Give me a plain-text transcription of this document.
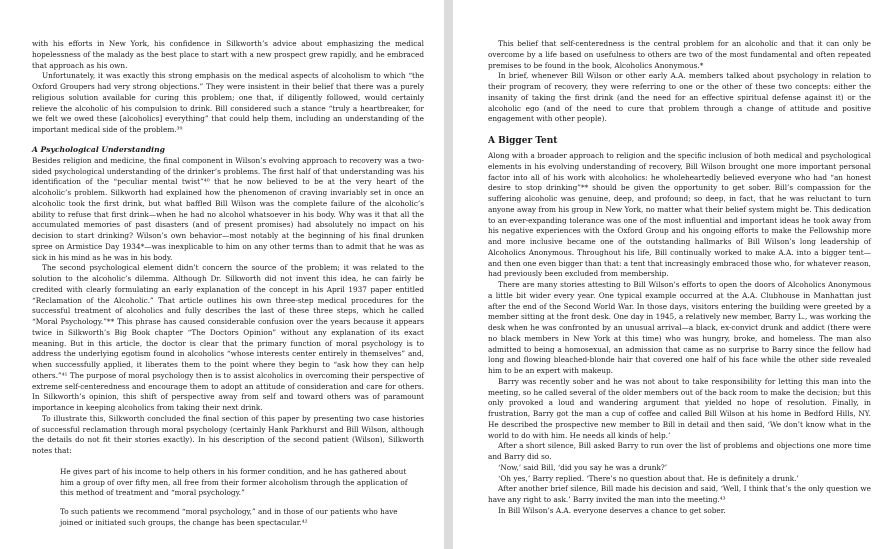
with his efforts in New York, his confidence in Silkworth’s advice about emphasizing the medical hopelessness of the malady as the best place to start with a new prospect grew rapidly, and he embraced that approach as his own.

Unfortunately, it was exactly this strong emphasis on the medical aspects of alcoholism to which “the Oxford Groupers had very strong objections.” They were insistent in their belief that there was a purely religious solution available for curing this problem; one that, if diligently followed, would certainly relieve the alcoholic of his compulsion to drink. Bill considered such a stance “truly a heartbreaker, for we felt we owed these [alcoholics] everything” that could help them, including an understanding of the important medical side of the problem.³⁹

A Psychological Understanding

Besides religion and medicine, the final component in Wilson’s evolving approach to recovery was a two-sided psychological understanding of the drinker’s problems. The first half of that understanding was his identification of the “peculiar mental twist”⁴⁰ that he now believed to be at the very heart of the alcoholic’s problem. Silkworth had explained how the phenomenon of craving invariably set in once an alcoholic took the first drink, but what baffled Bill Wilson was the complete failure of the alcoholic’s ability to refuse that first drink—when he had no alcohol whatsoever in his body. Why was it that all the accumulated memories of past disasters (and of present promises) had absolutely no impact on his decision to start drinking? Wilson’s own behavior—most notably at the beginning of his final drunken spree on Armistice Day 1934*—was inexplicable to him on any other terms than to admit that he was as sick in his mind as he was in his body.

The second psychological element didn’t concern the source of the problem; it was related to the solution to the alcoholic’s dilemma. Although Dr. Silkworth did not invent this idea, he can fairly be credited with clearly formulating an early explanation of the concept in his April 1937 paper entitled “Reclamation of the Alcoholic.” That article outlines his own three-step medical procedures for the successful treatment of alcoholics and fully describes the last of these three steps, which he called “Moral Psychology.”** This phrase has caused considerable confusion over the years because it appears twice in Silkworth’s Big Book chapter “The Doctors Opinion” without any explanation of its exact meaning. But in this article, the doctor is clear that the primary function of moral psychology is to address the underlying egotism found in alcoholics “whose interests center entirely in themselves” and, when successfully applied, it liberates them to the point where they begin to “ask how they can help others.”⁴¹ The purpose of moral psychology then is to assist alcoholics in overcoming their perspective of extreme self-centeredness and encourage them to adopt an attitude of consideration and care for others. In Silkworth’s opinion, this shift of perspective away from self and toward others was of paramount importance in keeping alcoholics from taking their next drink.

To illustrate this, Silkworth concluded the final section of this paper by presenting two case histories of successful reclamation through moral psychology (certainly Hank Parkhurst and Bill Wilson, although the details do not fit their stories exactly). In his description of the second patient (Wilson), Silkworth notes that:

He gives part of his income to help others in his former condition, and he has gathered about him a group of over fifty men, all free from their former alcoholism through the application of this method of treatment and “moral psychology.”

To such patients we recommend “moral psychology,” and in those of our patients who have joined or initiated such groups, the change has been spectacular.⁴²

This belief that self-centeredness is the central problem for an alcoholic and that it can only be overcome by a life based on usefulness to others are two of the most fundamental and often repeated premises to be found in the book, Alcoholics Anonymous.*

In brief, whenever Bill Wilson or other early A.A. members talked about psychology in relation to their program of recovery, they were referring to one or the other of these two concepts: either the insanity of taking the first drink (and the need for an effective spiritual defense against it) or the alcoholic ego (and of the need to cure that problem through a change of attitude and positive engagement with other people).

A Bigger Tent

Along with a broader approach to religion and the specific inclusion of both medical and psychological elements in his evolving understanding of recovery, Bill Wilson brought one more important personal factor into all of his work with alcoholics: he wholeheartedly believed everyone who had “an honest desire to stop drinking”** should be given the opportunity to get sober. Bill’s compassion for the suffering alcoholic was genuine, deep, and profound; so deep, in fact, that he was reluctant to turn anyone away from his group in New York, no matter what their belief system might be. This dedication to an ever-expanding tolerance was one of the most influential and important ideas he took away from his negative experiences with the Oxford Group and his ongoing efforts to make the Fellowship more and more inclusive became one of the outstanding hallmarks of Bill Wilson’s long leadership of Alcoholics Anonymous. Throughout his life, Bill continually worked to make A.A. into a bigger tent—and then one even bigger than that: a tent that increasingly embraced those who, for whatever reason, had previously been excluded from membership.

There are many stories attesting to Bill Wilson’s efforts to open the doors of Alcoholics Anonymous a little bit wider every year. One typical example occurred at the A.A. Clubhouse in Manhattan just after the end of the Second World War. In those days, visitors entering the building were greeted by a member sitting at the front desk. One day in 1945, a relatively new member, Barry L., was working the desk when he was confronted by an unusual arrival—a black, ex-convict drunk and addict (there were no black members in New York at this time) who was hungry, broke, and homeless. The man also admitted to being a homosexual, an admission that came as no surprise to Barry since the fellow had long and flowing bleached-blonde hair that covered one half of his face while the other side revealed him to be an expert with makeup.

Barry was recently sober and he was not about to take responsibility for letting this man into the meeting, so he called several of the older members out of the back room to make the decision; but this only provoked a loud and wandering argument that yielded no hope of resolution. Finally, in frustration, Barry got the man a cup of coffee and called Bill Wilson at his home in Bedford Hills, NY. He described the prospective new member to Bill in detail and then said, ‘We don’t know what in the world to do with him. He needs all kinds of help.’

After a short silence, Bill asked Barry to run over the list of problems and objections one more time and Barry did so.

‘Now,’ said Bill, ‘did you say he was a drunk?’

‘Oh yes,’ Barry replied. ‘There’s no question about that. He is definitely a drunk.’

After another brief silence, Bill made his decision and said, ‘Well, I think that’s the only question we have any right to ask.’ Barry invited the man into the meeting.⁴³

In Bill Wilson’s A.A. everyone deserves a chance to get sober.
